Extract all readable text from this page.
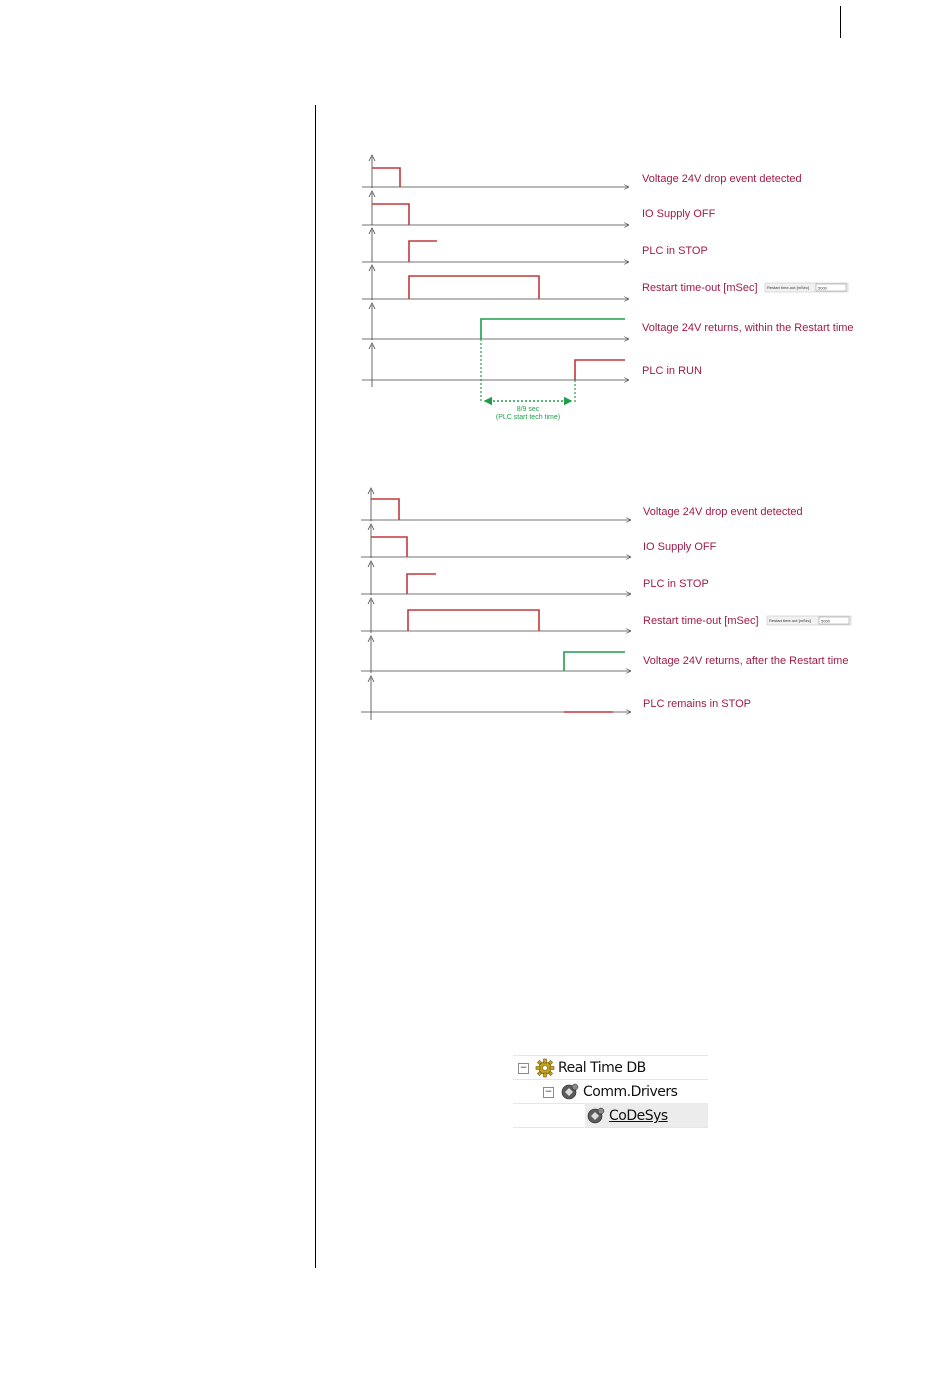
8/9 sec
(PLC start tech time)
Voltage 24V drop event detected
IO Supply OFF
PLC in STOP
Restart time-out [mSec]
Voltage 24V returns, within the Restart time
PLC in RUN
Restart time-out [mSec] 5000
Voltage 24V drop event detected
IO Supply OFF
PLC in STOP
Restart time-out [mSec]
Voltage 24V returns, after the Restart time
PLC remains in STOP
Restart time-out [mSec] 5000
− Real Time DB
− Comm.Drivers
CoDeSys
